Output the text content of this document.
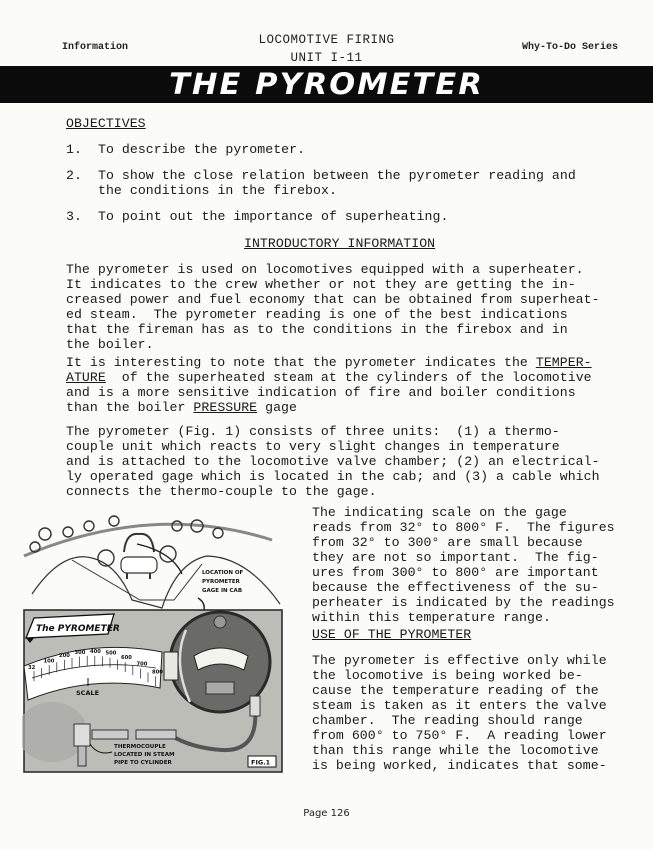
Information
LOCOMOTIVE FIRING
UNIT I-11
Why-To-Do Series
THE PYROMETER
OBJECTIVES
1. To describe the pyrometer.
2. To show the close relation between the pyrometer reading and
the conditions in the firebox.
3. To point out the importance of superheating.
INTRODUCTORY INFORMATION
The pyrometer is used on locomotives equipped with a superheater.
It indicates to the crew whether or not they are getting the in-
creased power and fuel economy that can be obtained from superheat-
ed steam.  The pyrometer reading is one of the best indications
that the fireman has as to the conditions in the firebox and in
the boiler.
It is interesting to note that the pyrometer indicates the TEMPER-
ATURE  of the superheated steam at the cylinders of the locomotive
and is a more sensitive indication of fire and boiler conditions
than the boiler PRESSURE gage
The pyrometer (Fig. 1) consists of three units:  (1) a thermo-
couple unit which reacts to very slight changes in temperature
and is attached to the locomotive valve chamber; (2) an electrical-
ly operated gage which is located in the cab; and (3) a cable which
connects the thermo-couple to the gage.
The indicating scale on the gage
reads from 32° to 800° F.  The figures
from 32° to 300° are small because
they are not so important.  The fig-
ures from 300° to 800° are important
because the effectiveness of the su-
perheater is indicated by the readings
within this temperature range.
USE OF THE PYROMETER
The pyrometer is effective only while
the locomotive is being worked be-
cause the temperature reading of the
steam is taken as it enters the valve
chamber.  The reading should range
from 600° to 750° F.  A reading lower
than this range while the locomotive
is being worked, indicates that some-
LOCATION OF PYROMETER GAGE IN CAB
The PYROMETER
32
100
200
300 400 500
600
700
800
SCALE
THERMOCOUPLE LOCATED IN STEAM PIPE TO CYLINDER	FIG.1
Page 126
